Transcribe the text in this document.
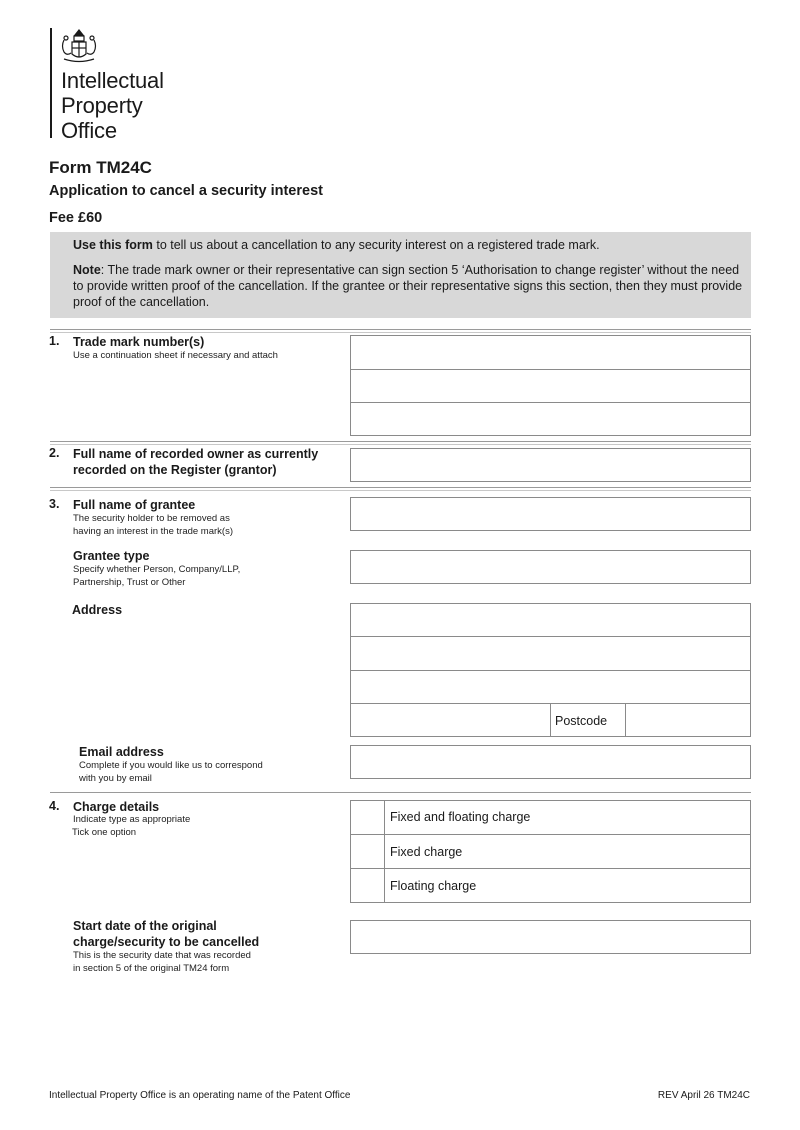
Intellectual
Property
Office
Form TM24C
Application to cancel a security interest
Fee £60
Use this form to tell us about a cancellation to any security interest on a registered trade mark.
Note: The trade mark owner or their representative can sign section 5 ‘Authorisation to change register’ without the need to provide written proof of the cancellation. If the grantee or their representative signs this section, then they must provide proof of the cancellation.
1. Trade mark number(s)
Use a continuation sheet if necessary and attach
2. Full name of recorded owner as currently
recorded on the Register (grantor)
3. Full name of grantee
The security holder to be removed as
having an interest in the trade mark(s)
Grantee type
Specify whether Person, Company/LLP,
Partnership, Trust or Other
Address
Postcode
Email address
Complete if you would like us to correspond
with you by email
4. Charge details
Indicate type as appropriate
Tick one option
Fixed and floating charge
Fixed charge
Floating charge
Start date of the original
charge/security to be cancelled
This is the security date that was recorded
in section 5 of the original TM24 form
Intellectual Property Office is an operating name of the Patent Office	REV April 26 TM24C
